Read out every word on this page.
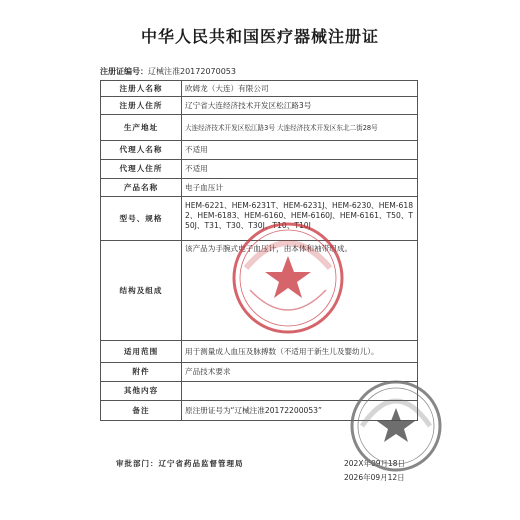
中华人民共和国医疗器械注册证
注册证编号：辽械注准20172070053
注册人名称	欧姆龙（大连）有限公司
注册人住所	辽宁省大连经济技术开发区松江路3号
生产地址	大连经济技术开发区松江路3号 大连经济技术开发区东北二街28号
代理人名称	不适用
代理人住所	不适用
产品名称	电子血压计
型号、规格	HEM-6221、HEM-6231T、HEM-6231J、HEM-6230、HEM-6182、HEM-6183、HEM-6160、HEM-6160J、HEM-6161、T50、T50J、T31、T30、T30J、T10、T10J
结构及组成	该产品为手腕式电子血压计，由本体和袖带组成。
适用范围	用于测量成人血压及脉搏数（不适用于新生儿及婴幼儿）。
附件	产品技术要求
其他内容	
备注	原注册证号为“辽械注准20172200053”
审批部门：辽宁省药品监督管理局	202X年09月18日
2026年09月12日
